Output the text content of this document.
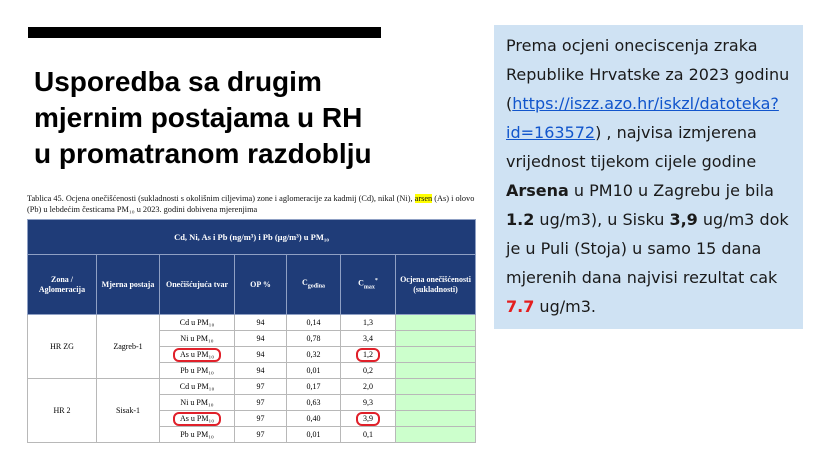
Usporedba sa drugim mjernim postajama u RH u promatranom razdoblju
Tablica 45. Ocjena onečišćenosti (sukladnosti s okolišnim ciljevima) zone i aglomeracije za kadmij (Cd), nikal (Ni), arsen (As) i olovo (Pb) u lebdećim česticama PM₁₀ u 2023. godini dobivena mjerenjima
Cd, Ni, As i Pb (ng/m³) i Pb (µg/m³) u PM₁₀						
Zona / Aglomeracija	Mjerna postaja	Onečišćujuća tvar	OP %	$C_{godina}$	$C_{max}^*$	Ocjena onečišćenosti (sukladnosti)
HR ZG	Zagreb-1	Cd u PM₁₀	94	0,14	1,3	
		Ni u PM₁₀	94	0,78	3,4	
		As u PM₁₀	94	0,32	1,2	
		Pb u PM₁₀	94	0,01	0,2	
HR 2	Sisak-1	Cd u PM₁₀	97	0,17	2,0	
		Ni u PM₁₀	97	0,63	9,3	
		As u PM₁₀	97	0,40	3,9	
		Pb u PM₁₀	97	0,01	0,1	

Prema ocjeni oneciscenja zraka Republike Hrvatske za 2023 godinu (https://iszz.azo.hr/iskzl/datoteka?id=163572) , najvisa izmjerena vrijednost tijekom cijele godine Arsena u PM10 u Zagrebu je bila 1.2 ug/m3), u Sisku 3,9 ug/m3 dok je u Puli (Stoja) u samo 15 dana mjerenih dana najvisi rezultat cak 7.7 ug/m3.
